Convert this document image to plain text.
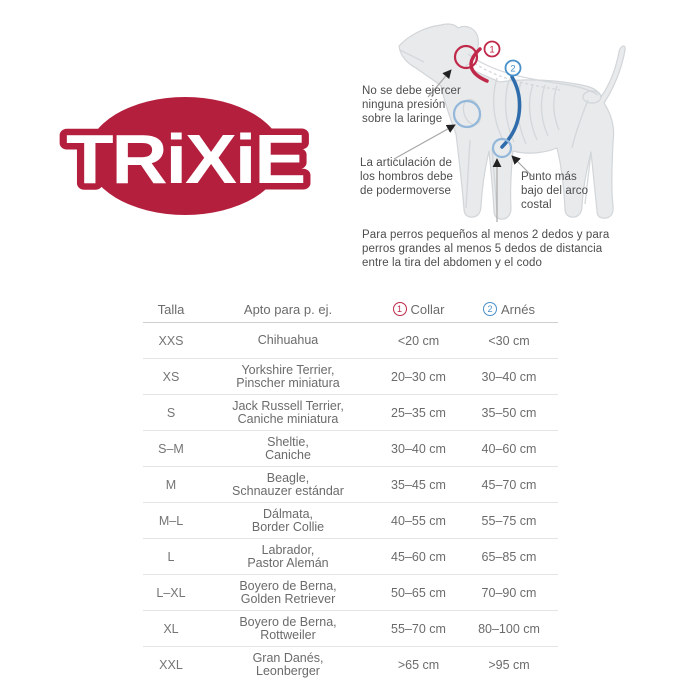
TRiXiE
1
2
No se debe ejercer
ninguna presión
sobre la laringe
La articulación de
los hombros debe
de podermoverse
Punto más
bajo del arco
costal
Para perros pequeños al menos 2 dedos y para
perros grandes al menos 5 dedos de distancia
entre la tira del abdomen y el codo
Talla	Apto para p. ej.	1 Collar	2 Arnés
XXS	Chihuahua	<20 cm	<30 cm
XS	Yorkshire Terrier,
Pinscher miniatura	20–30 cm	30–40 cm
S	Jack Russell Terrier,
Caniche miniatura	25–35 cm	35–50 cm
S–M	Sheltie,
Caniche	30–40 cm	40–60 cm
M	Beagle,
Schnauzer estándar	35–45 cm	45–70 cm
M–L	Dálmata,
Border Collie	40–55 cm	55–75 cm
L	Labrador,
Pastor Alemán	45–60 cm	65–85 cm
L–XL	Boyero de Berna,
Golden Retriever	50–65 cm	70–90 cm
XL	Boyero de Berna,
Rottweiler	55–70 cm	80–100 cm
XXL	Gran Danés,
Leonberger	>65 cm	>95 cm
